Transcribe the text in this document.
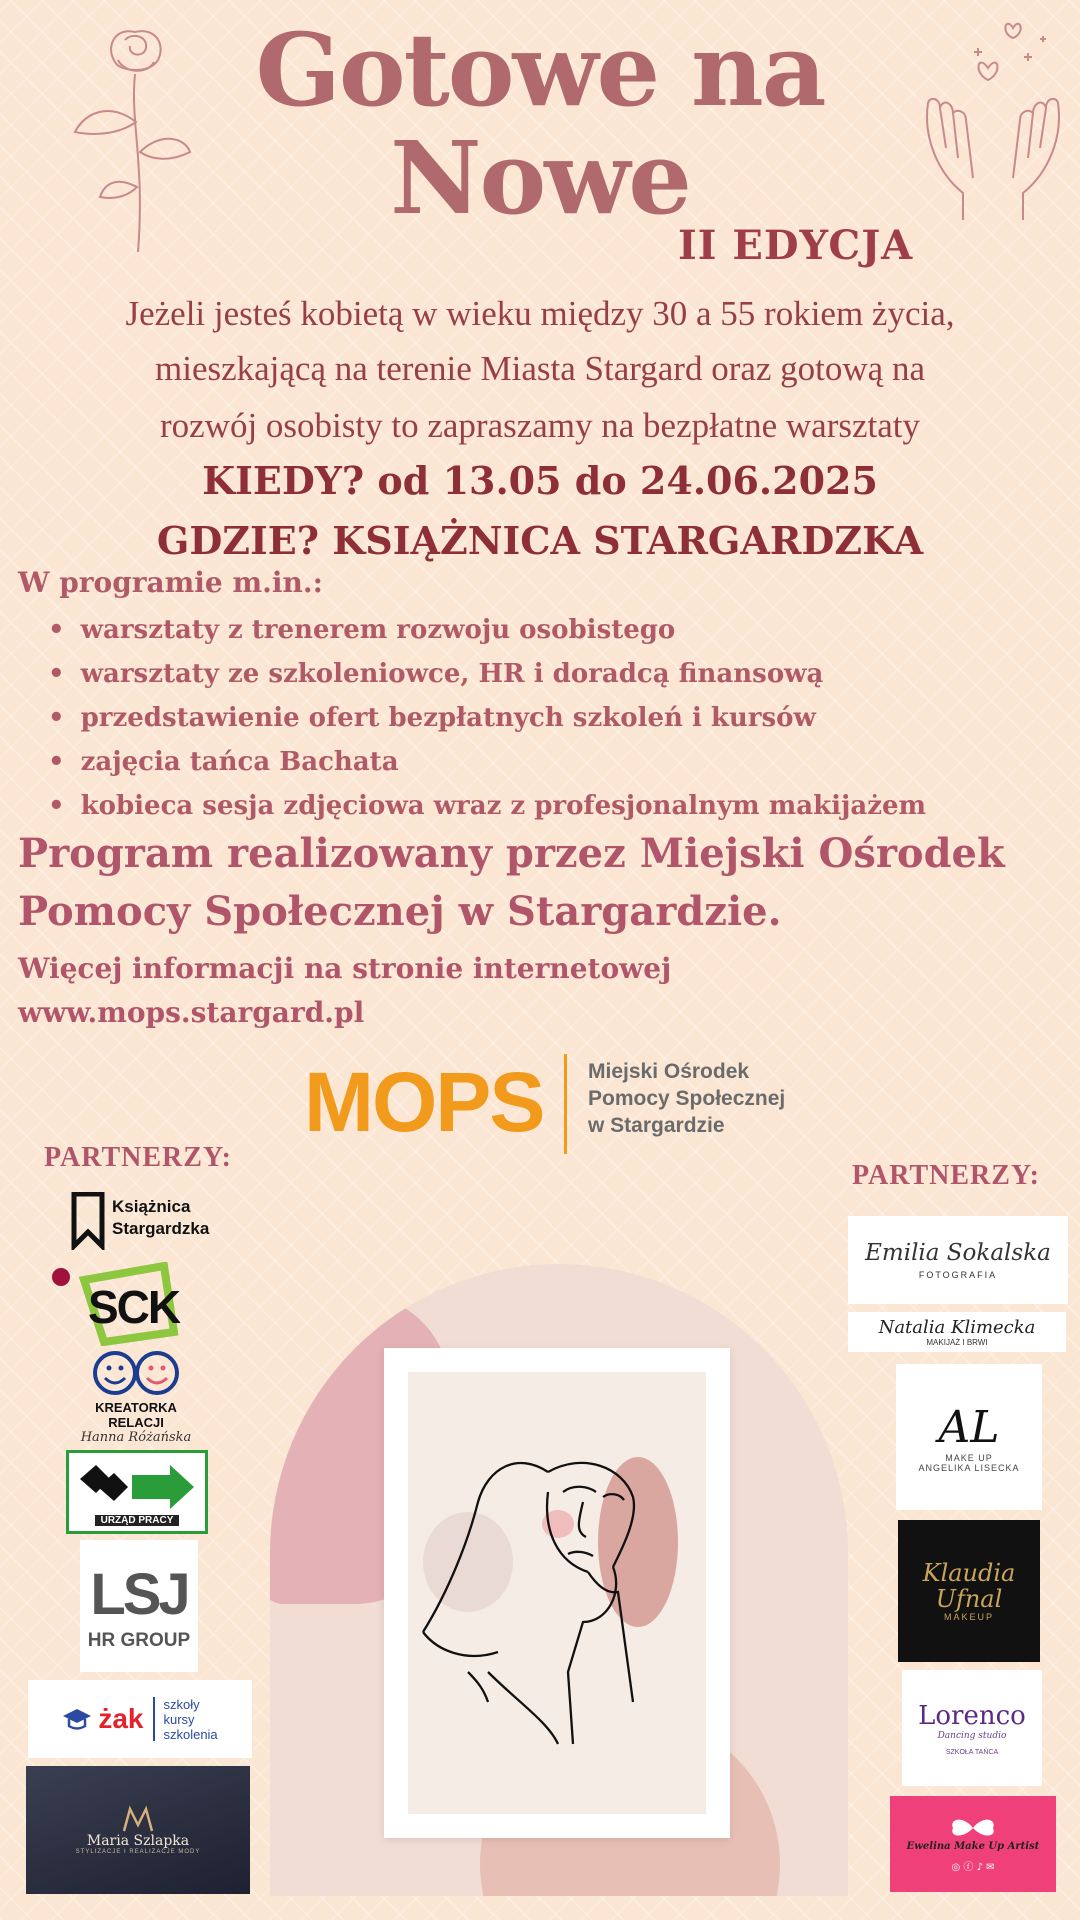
Gotowe na
Nowe
II EDYCJA
Jeżeli jesteś kobietą w wieku między 30 a 55 rokiem życia,
mieszkającą na terenie Miasta Stargard oraz gotową na
rozwój osobisty to zapraszamy na bezpłatne warsztaty
KIEDY? od 13.05 do 24.06.2025
GDZIE? KSIĄŻNICA STARGARDZKA
W programie m.in.:
• warsztaty z trenerem rozwoju osobistego
• warsztaty ze szkoleniowce, HR i doradcą finansową
• przedstawienie ofert bezpłatnych szkoleń i kursów
• zajęcia tańca Bachata
• kobieca sesja zdjęciowa wraz z profesjonalnym makijażem
Program realizowany przez Miejski Ośrodek
Pomocy Społecznej w Stargardzie.
Więcej informacji na stronie internetowej
www.mops.stargard.pl
MOPS Miejski Ośrodek
Pomocy Społecznej
w Stargardzie
PARTNERZY:
Książnica
Stargardzka
SCK
KREATORKA RELACJI
Hanna Różańska
URZĄD PRACY
LSJ
HR GROUP
żak szkoły
kursy
szkolenia
Maria Szlapka
STYLIZACJE I REALIZACJE MODY
PARTNERZY:
Emilia Sokalska
FOTOGRAFIA
Natalia Klimecka
MAKIJAŻ I BRWI
AL
MAKE UP
ANGELIKA LISECKA
Klaudia
Ufnal
MAKEUP
Lorenco
Dancing studio
SZKOŁA TAŃCA
Ewelina Make Up Artist
◎ ⓕ ♪ ✉
